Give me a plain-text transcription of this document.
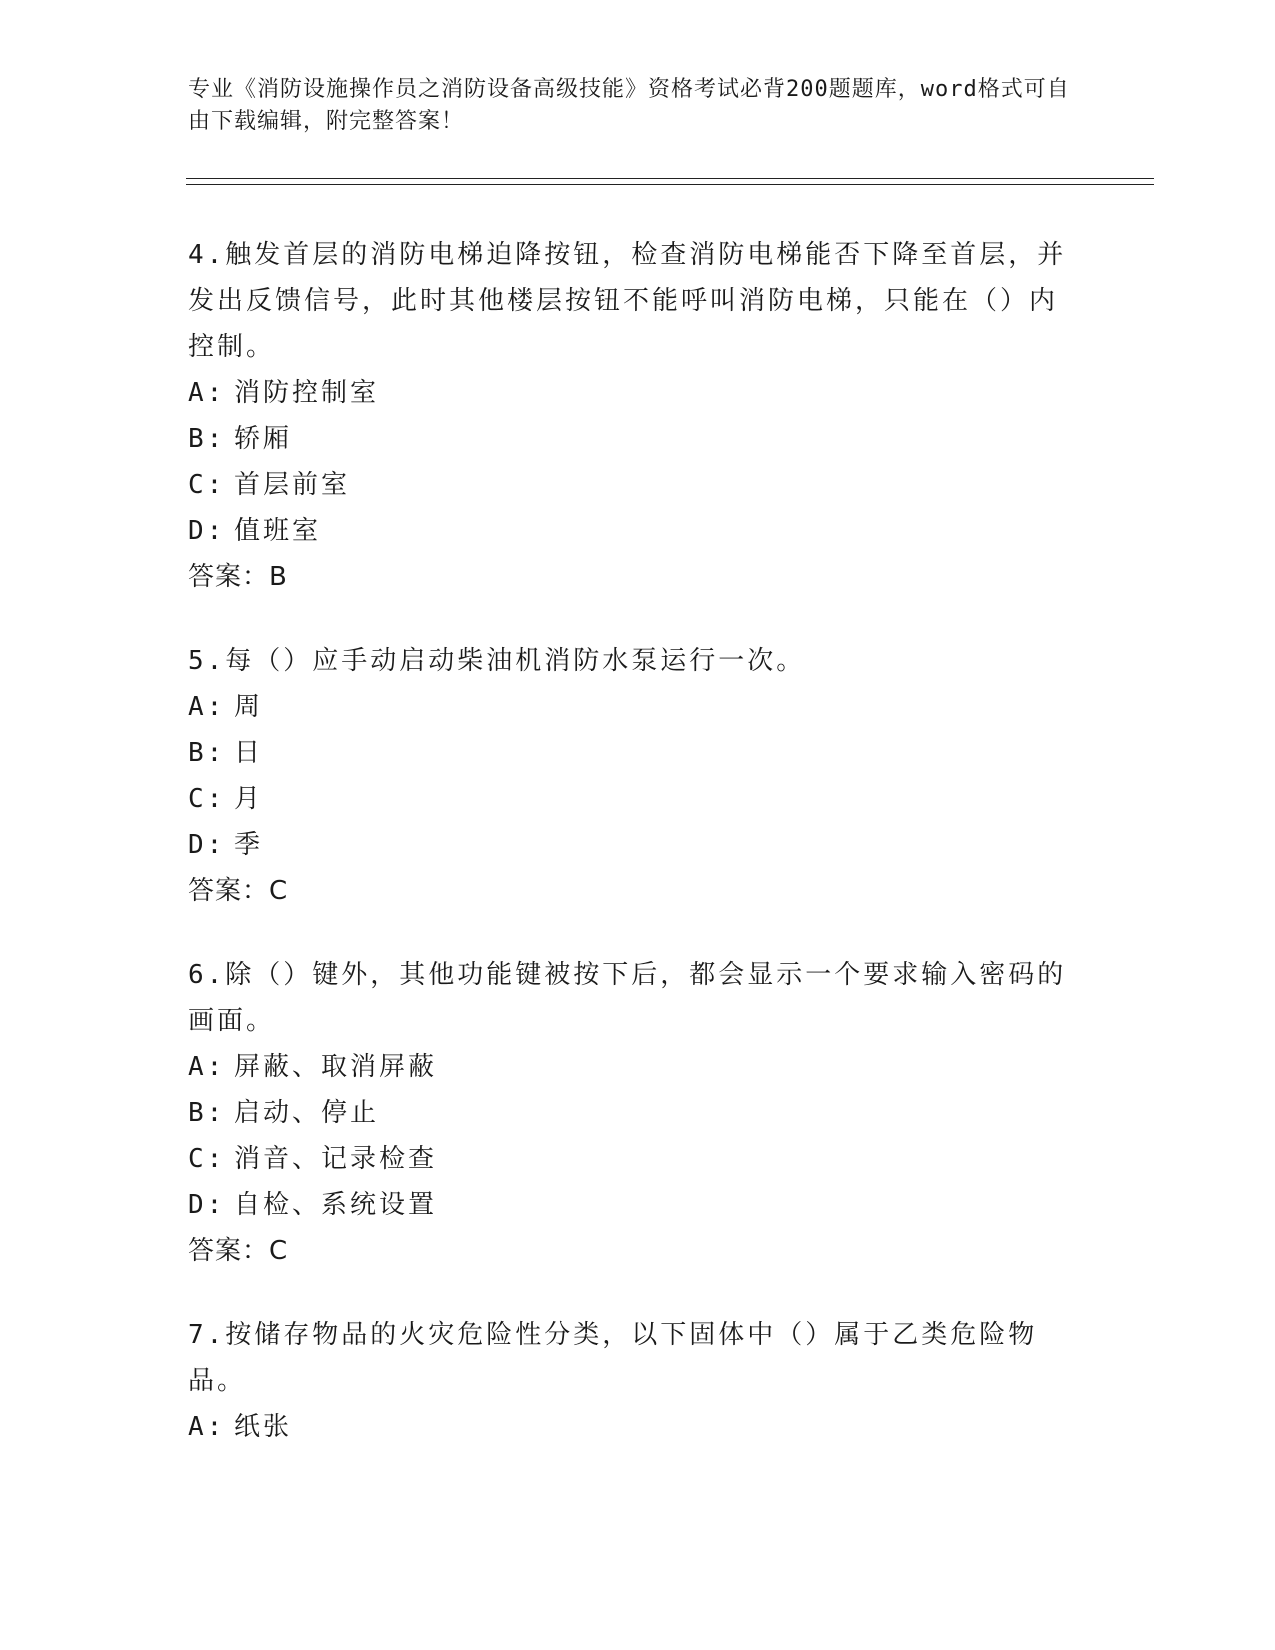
专业《消防设施操作员之消防设备高级技能》资格考试必背200题题库，word格式可自由下载编辑，附完整答案！
4.触发首层的消防电梯迫降按钮，检查消防电梯能否下降至首层，并发出反馈信号，此时其他楼层按钮不能呼叫消防电梯，只能在（）内控制。
A: 消防控制室
B: 轿厢
C: 首层前室
D: 值班室
答案：B
5.每（）应手动启动柴油机消防水泵运行一次。
A: 周
B: 日
C: 月
D: 季
答案：C
6.除（）键外，其他功能键被按下后，都会显示一个要求输入密码的画面。
A: 屏蔽、取消屏蔽
B: 启动、停止
C: 消音、记录检查
D: 自检、系统设置
答案：C
7.按储存物品的火灾危险性分类，以下固体中（）属于乙类危险物品。
A: 纸张
